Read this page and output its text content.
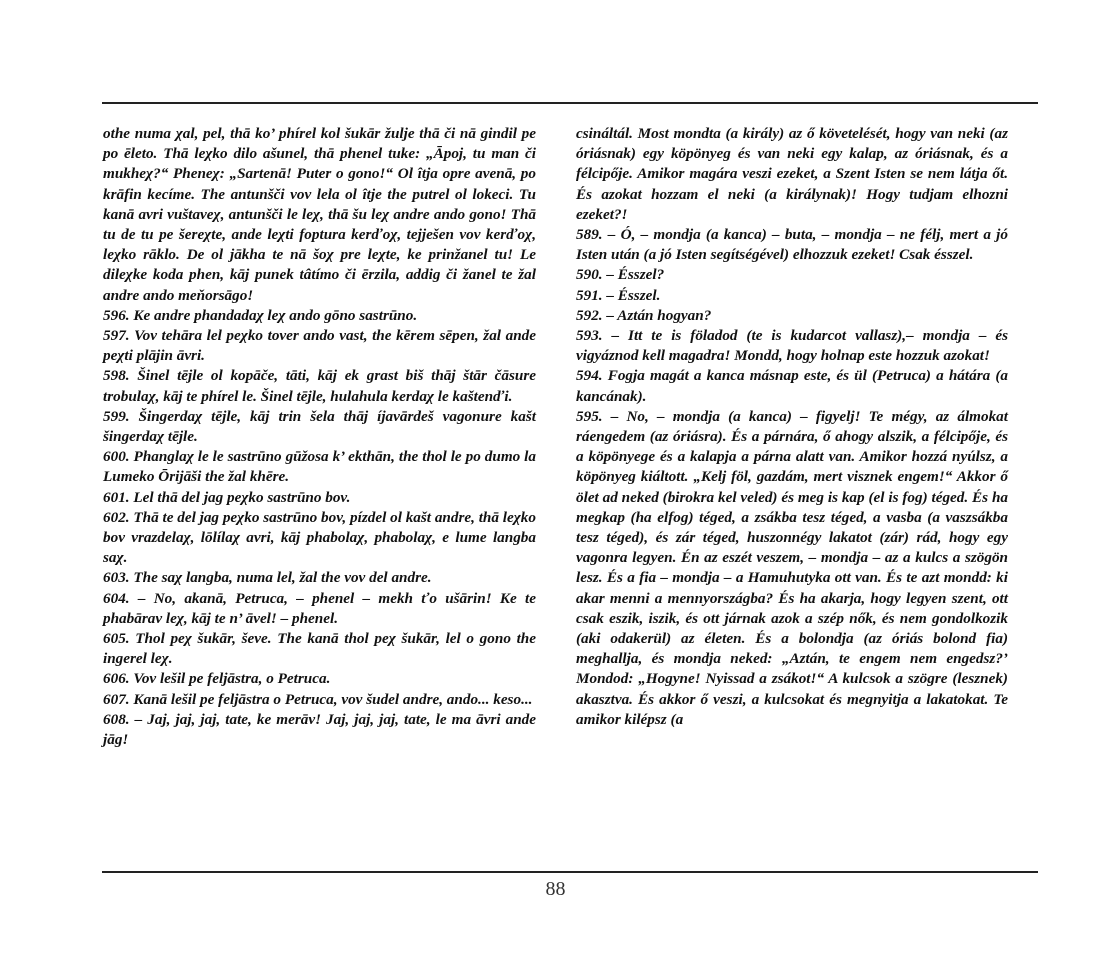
othe numa χal, pel, thā ko’ phírel kol šukār žulje thā či nā gindil pe po ēleto. Thā leχko dilo ašunel, thā phenel tuke: „Āpoj, tu man či mukheχ?“ Pheneχ: „Sartenā! Puter o gono!“ Ol îtja opre avenā, po krāfin kecíme. The antunšči vov lela ol îtje the putrel ol lokeci. Tu kanā avri vuštaveχ, antunšči le leχ, thā šu leχ andre ando gono! Thā tu de tu pe šereχte, ande leχti foptura kerďoχ, tejješen vov kerďoχ, leχko rāklo. De ol jākha te nā šoχ pre leχte, ke prinžanel tu! Le dileχke koda phen, kāj punek tâtímo či ērzila, addig či žanel te žal andre ando meňorsāgo!

596. Ke andre phandadaχ leχ ando gōno sastrūno.

597. Vov tehāra lel peχko tover ando vast, the kērem sēpen, žal ande peχti plājin āvri.

598. Šinel tējle ol kopāče, tāti, kāj ek grast biš thāj štār čāsure trobulaχ, kāj te phírel le. Šinel tējle, hulahula kerdaχ le kaštenďi.

599. Šingerdaχ tējle, kāj trin šela thāj íjavārdeš vagonure kašt šingerdaχ tējle.

600. Phanglaχ le le sastrūno gūžosa k’ ekthān, the thol le po dumo la Lumeko Ōrijāši the žal khēre.

601. Lel thā del jag peχko sastrūno bov.

602. Thā te del jag peχko sastrūno bov, pízdel ol kašt andre, thā leχko bov vrazdelaχ, lōlílaχ avri, kāj phabolaχ, phabolaχ, e lume langba saχ.

603. The saχ langba, numa lel, žal the vov del andre.

604. – No, akanā, Petruca, – phenel – mekh ťo ušārin! Ke te phabārav leχ, kāj te n’ āvel! – phenel.

605. Thol peχ šukār, ševe. The kanā thol peχ šukār, lel o gono the ingerel leχ.

606. Vov lešil pe feljāstra, o Petruca.

607. Kanā lešil pe feljāstra o Petruca, vov šudel andre, ando... keso...

608. – Jaj, jaj, jaj, tate, ke merāv! Jaj, jaj, jaj, tate, le ma āvri ande jāg!

csináltál. Most mondta (a király) az ő követelését, hogy van neki (az óriásnak) egy köpönyeg és van neki egy kalap, az óriásnak, és a félcipője. Amikor magára veszi ezeket, a Szent Isten se nem látja őt. És azokat hozzam el neki (a királynak)! Hogy tudjam elhozni ezeket?!

589. – Ó, – mondja (a kanca) – buta, – mondja – ne félj, mert a jó Isten után (a jó Isten segítségével) elhozzuk ezeket! Csak ésszel.

590. – Ésszel?

591. – Ésszel.

592. – Aztán hogyan?

593. – Itt te is föladod (te is kudarcot vallasz),– mondja – és vigyáznod kell magadra! Mondd, hogy holnap este hozzuk azokat!

594. Fogja magát a kanca másnap este, és ül (Petruca) a hátára (a kancának).

595. – No, – mondja (a kanca) – figyelj! Te mégy, az álmokat ráengedem (az óriásra). És a párnára, ő ahogy alszik, a félcipője, és a köpönyege és a kalapja a párna alatt van. Amikor hozzá nyúlsz, a köpönyeg kiáltott. „Kelj föl, gazdám, mert visznek engem!“ Akkor ő ölet ad neked (birokra kel veled) és meg is kap (el is fog) téged. És ha megkap (ha elfog) téged, a zsákba tesz téged, a vasba (a vaszsákba tesz téged), és zár téged, huszonnégy lakatot (zár) rád, hogy egy vagonra legyen. Én az eszét veszem, – mondja – az a kulcs a szögön lesz. És a fia – mondja – a Hamuhutyka ott van. És te azt mondd: ki akar menni a mennyországba? És ha akarja, hogy legyen szent, ott csak eszik, iszik, és ott járnak azok a szép nők, és nem gondolkozik (aki odakerül) az életen. És a bolondja (az óriás bolond fia) meghallja, és mondja neked: „Aztán, te engem nem engedsz?’ Mondod: „Hogyne! Nyissad a zsákot!“ A kulcsok a szögre (lesznek) akasztva. És akkor ő veszi, a kulcsokat és megnyitja a lakatokat. Te amikor kilépsz (a

88
